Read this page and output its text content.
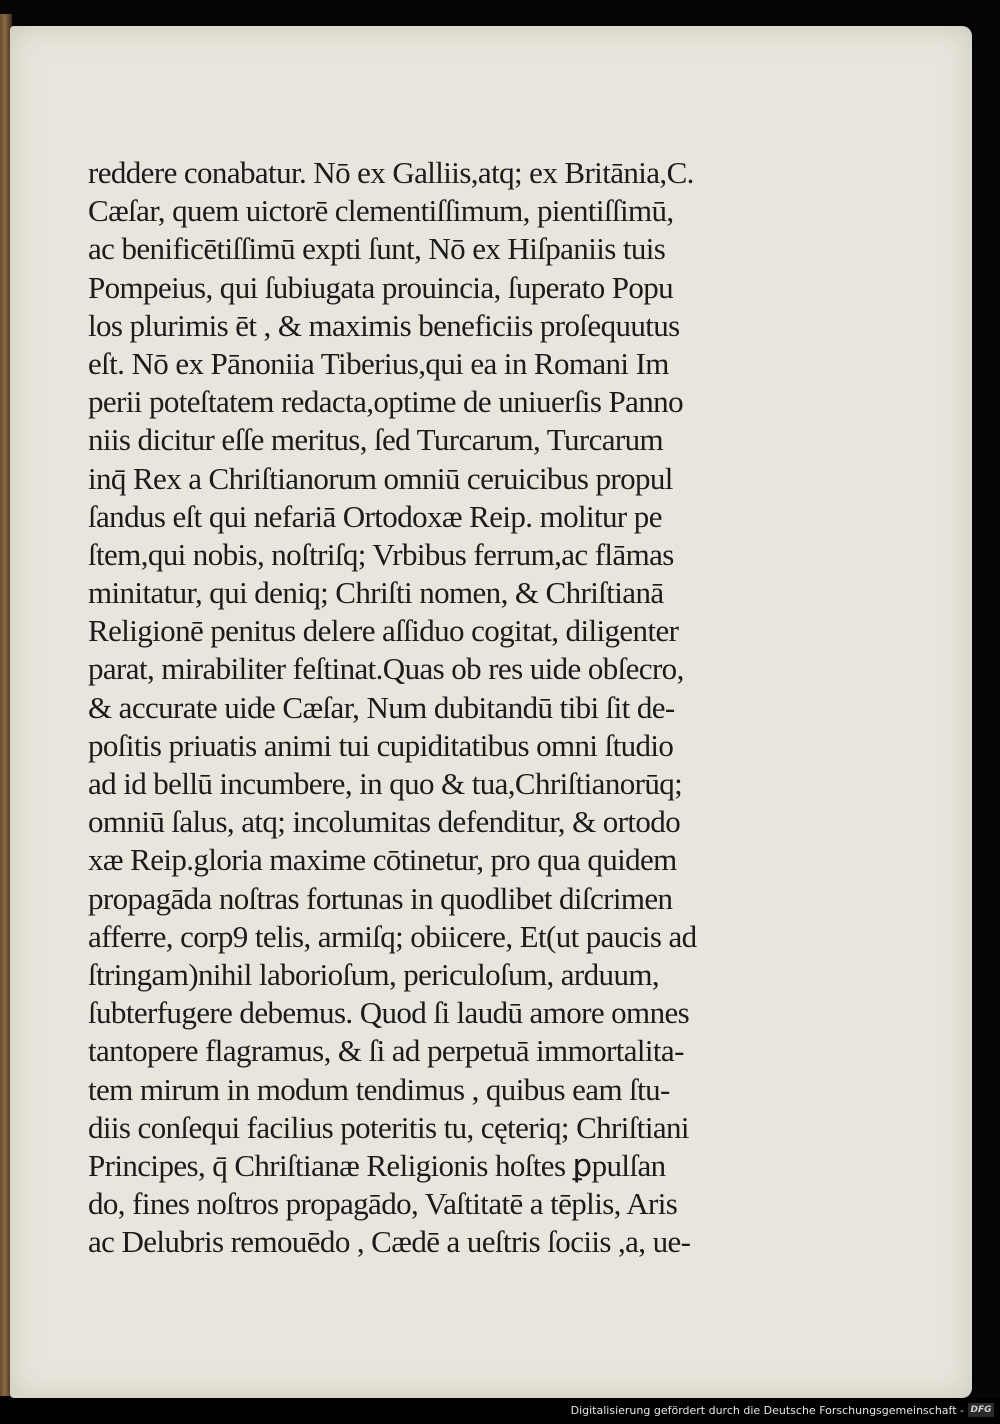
reddere conabatur. Nō ex Galliis,atq; ex Britānia,C.
Cæſar, quem uictorē clementiſſimum, pientiſſimū,
ac benificētiſſimū expti ſunt, Nō ex Hiſpaniis tuis
Pompeius, qui ſubiugata prouincia, ſuperato Popu
los plurimis ēt , & maximis beneficiis proſequutus
eſt. Nō ex Pānoniia Tiberius,qui ea in Romani Im
perii poteſtatem redacta,optime de uniuerſis Panno
niis dicitur eſſe meritus, ſed Turcarum, Turcarum
inq̄ Rex a Chriſtianorum omniū ceruicibus propul
ſandus eſt qui nefariā Ortodoxæ Reip. molitur pe
ſtem,qui nobis, noſtriſq; Vrbibus ferrum,ac flāmas
minitatur, qui deniq; Chriſti nomen, & Chriſtianā
Religionē penitus delere aſſiduo cogitat, diligenter
parat, mirabiliter feſtinat.Quas ob res uide obſecro,
& accurate uide Cæſar, Num dubitandū tibi ſit de-
poſitis priuatis animi tui cupiditatibus omni ſtudio
ad id bellū incumbere, in quo & tua,Chriſtianorūq;
omniū ſalus, atq; incolumitas defenditur, & ortodo
xæ Reip.gloria maxime cōtinetur, pro qua quidem
propagāda noſtras fortunas in quodlibet diſcrimen
afferre, corp9 telis, armiſq; obiicere, Et(ut paucis ad
ſtringam)nihil laborioſum, periculoſum, arduum,
ſubterfugere debemus. Quod ſi laudū amore omnes
tantopere flagramus, & ſi ad perpetuā immortalita-
tem mirum in modum tendimus , quibus eam ſtu-
diis conſequi facilius poteritis tu, cęteriq; Chriſtiani
Principes, q̄ Chriſtianæ Religionis hoſtes ꝑpulſan
do, fines noſtros propagādo, Vaſtitatē a tēplis, Aris
ac Delubris remouēdo , Cædē a ueſtris ſociis ,a, ue-
Digitalisierung gefördert durch die Deutsche Forschungsgemeinschaft - DFG
